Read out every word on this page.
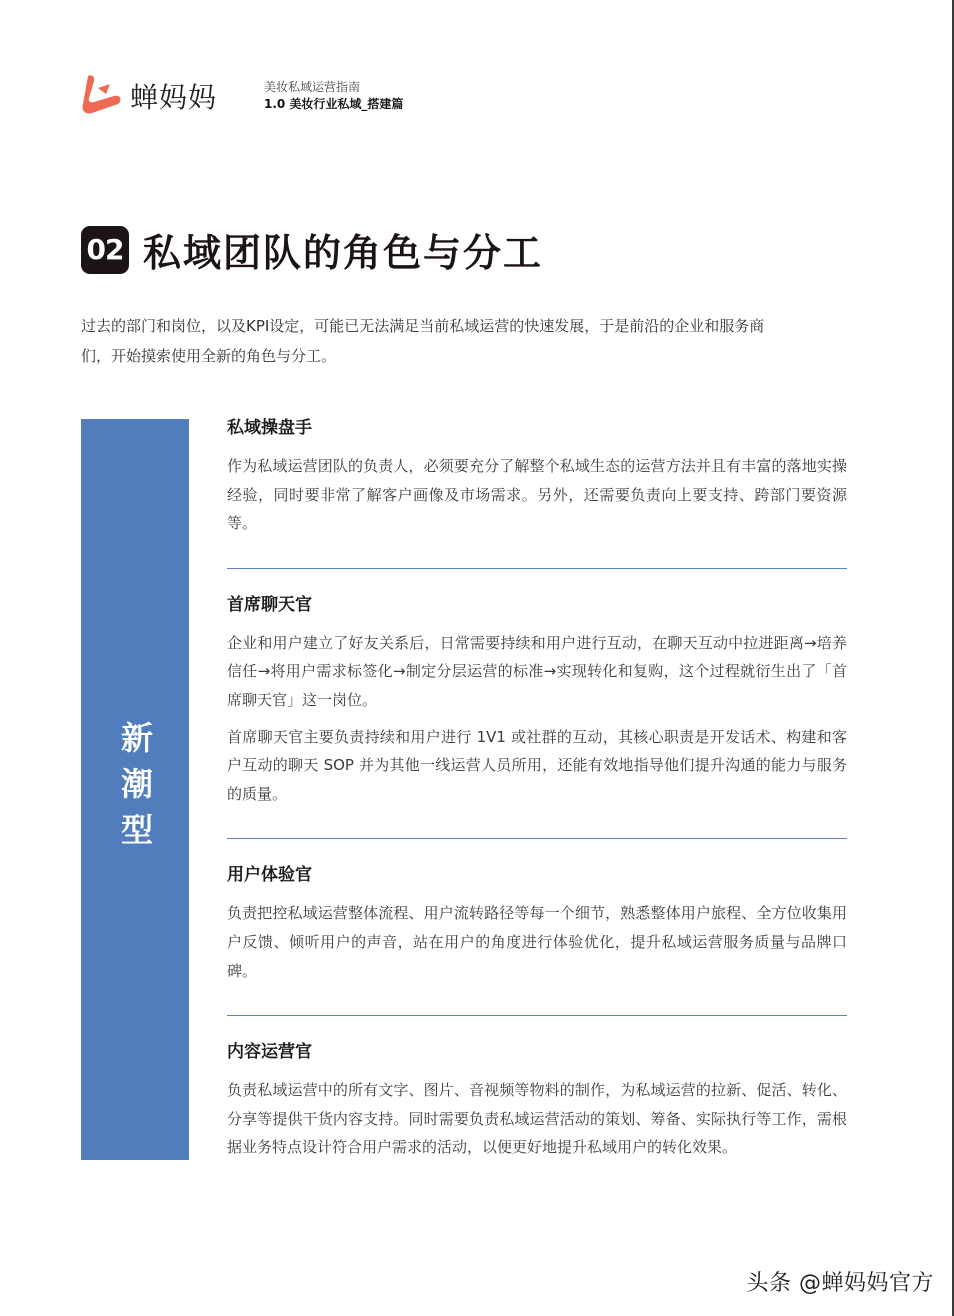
蝉妈妈	美妆私域运营指南
1.0 美妆行业私域_搭建篇
02 私域团队的角色与分工

过去的部门和岗位，以及KPI设定，可能已无法满足当前私域运营的快速发展，于是前沿的企业和服务商们，开始摸索使用全新的角色与分工。

新潮型
私域操盘手

作为私域运营团队的负责人，必须要充分了解整个私域生态的运营方法并且有丰富的落地实操经验，同时要非常了解客户画像及市场需求。另外，还需要负责向上要支持、跨部门要资源等。

首席聊天官

企业和用户建立了好友关系后，日常需要持续和用户进行互动，在聊天互动中拉进距离→培养信任→将用户需求标签化→制定分层运营的标准→实现转化和复购，这个过程就衍生出了「首席聊天官」这一岗位。

首席聊天官主要负责持续和用户进行 1V1 或社群的互动，其核心职责是开发话术、构建和客户互动的聊天 SOP 并为其他一线运营人员所用，还能有效地指导他们提升沟通的能力与服务的质量。

用户体验官

负责把控私域运营整体流程、用户流转路径等每一个细节，熟悉整体用户旅程、全方位收集用户反馈、倾听用户的声音，站在用户的角度进行体验优化，提升私域运营服务质量与品牌口碑。

内容运营官

负责私域运营中的所有文字、图片、音视频等物料的制作，为私域运营的拉新、促活、转化、分享等提供干货内容支持。同时需要负责私域运营活动的策划、筹备、实际执行等工作，需根据业务特点设计符合用户需求的活动，以便更好地提升私域用户的转化效果。

头条 @蝉妈妈官方
